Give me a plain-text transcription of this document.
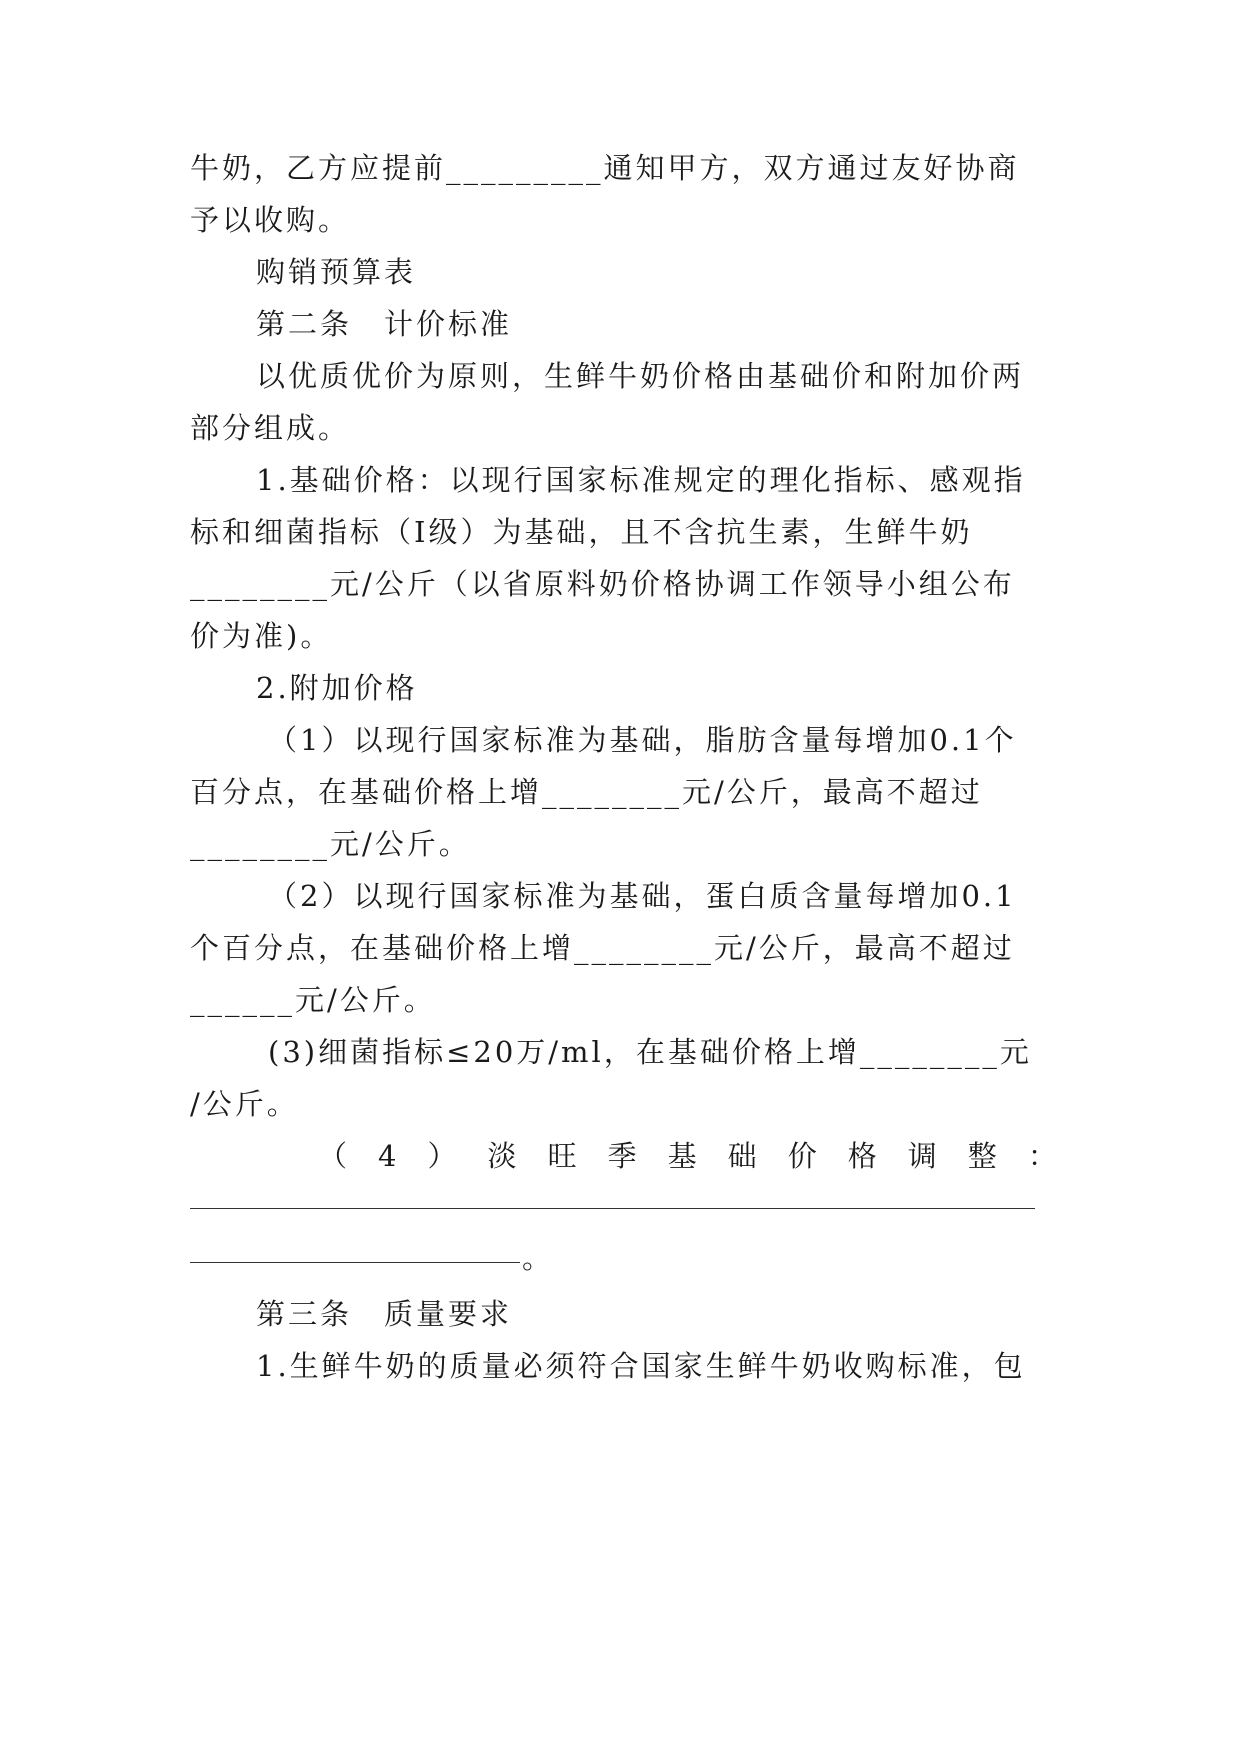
牛奶，乙方应提前_________通知甲方，双方通过友好协商
予以收购。
购销预算表
第二条　计价标准
以优质优价为原则，生鲜牛奶价格由基础价和附加价两
部分组成。
1.基础价格：以现行国家标准规定的理化指标、感观指
标和细菌指标（Ⅰ级）为基础，且不含抗生素，生鲜牛奶
________元/公斤（以省原料奶价格协调工作领导小组公布
价为准)。
2.附加价格
（1）以现行国家标准为基础，脂肪含量每增加0.1个
百分点，在基础价格上增________元/公斤，最高不超过
________元/公斤。
（2）以现行国家标准为基础，蛋白质含量每增加0.1
个百分点，在基础价格上增________元/公斤，最高不超过
______元/公斤。
(3)细菌指标≤20万/ml，在基础价格上增________元
/公斤。
（ 4 ） 淡 旺 季 基 础 价 格 调 整 ：
。
第三条　质量要求
1.生鲜牛奶的质量必须符合国家生鲜牛奶收购标准，包
